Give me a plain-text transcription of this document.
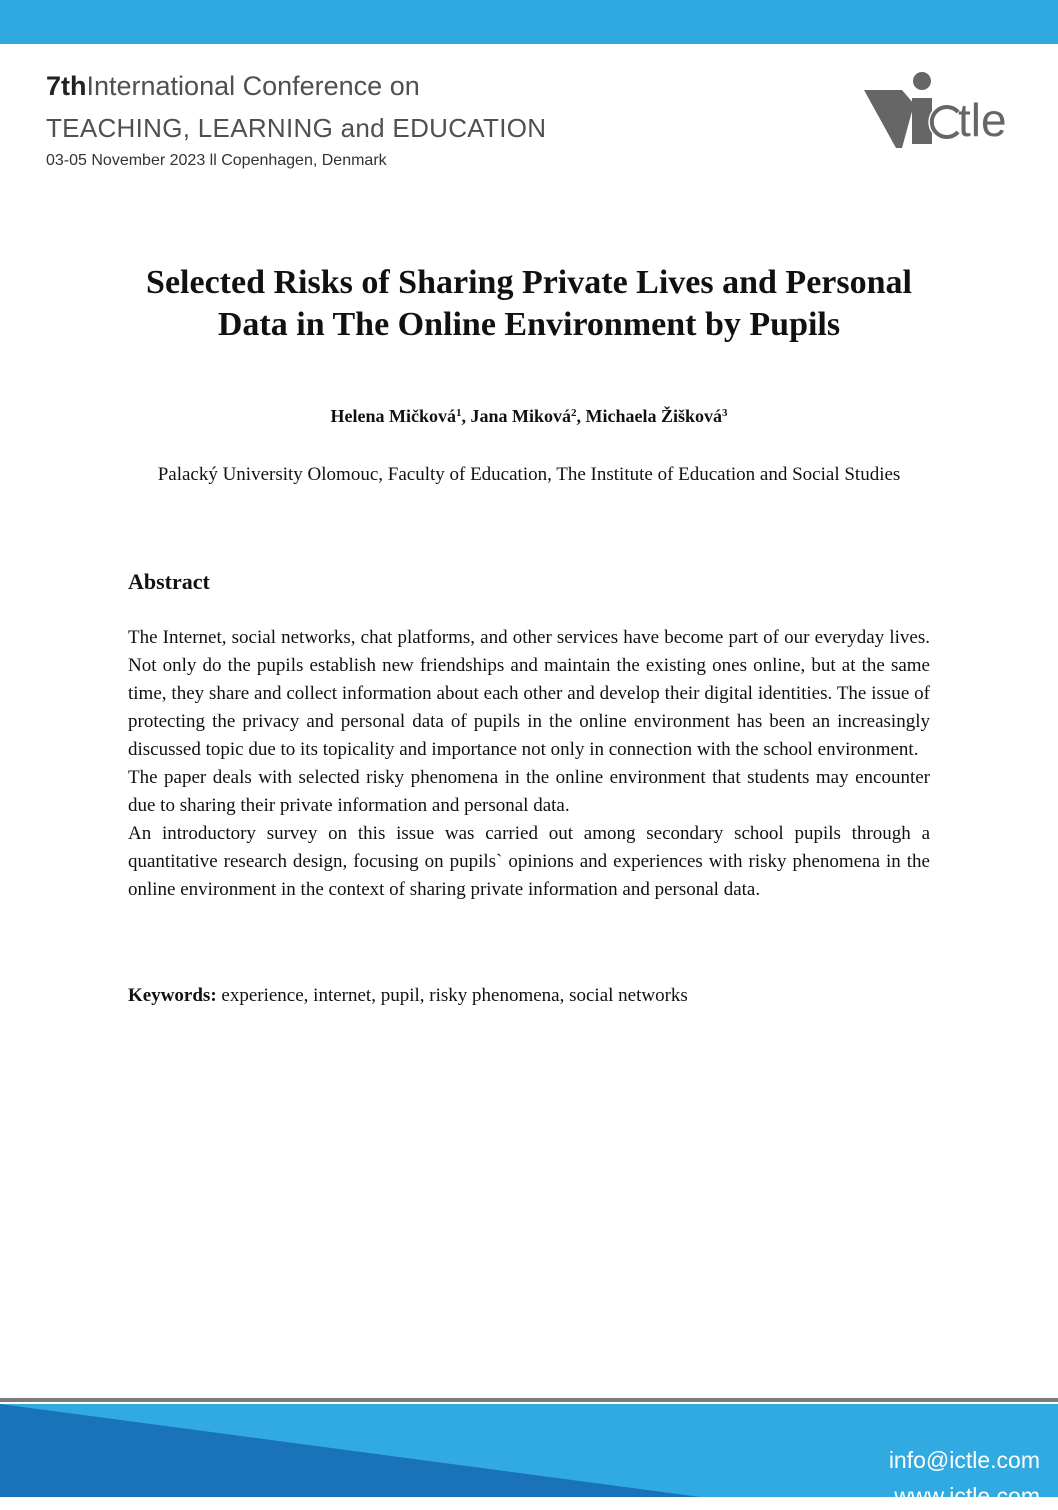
7thInternational Conference on
TEACHING, LEARNING and EDUCATION
03-05 November 2023 ll Copenhagen, Denmark
tle
Selected Risks of Sharing Private Lives and Personal
Data in The Online Environment by Pupils
Helena Mičková$^1$, Jana Miková$^2$, Michaela Žišková$^3$
Palacký University Olomouc, Faculty of Education, The Institute of Education and Social Studies
Abstract

The Internet, social networks, chat platforms, and other services have become part of our everyday lives. Not only do the pupils establish new friendships and maintain the existing ones online, but at the same time, they share and collect information about each other and develop their digital identities. The issue of protecting the privacy and personal data of pupils in the online environment has been an increasingly discussed topic due to its topicality and importance not only in connection with the school environment.

The paper deals with selected risky phenomena in the online environment that students may encounter due to sharing their private information and personal data.

An introductory survey on this issue was carried out among secondary school pupils through a quantitative research design, focusing on pupils` opinions and experiences with risky phenomena in the online environment in the context of sharing private information and personal data.

Keywords: experience, internet, pupil, risky phenomena, social networks
info@ictle.com
www.ictle.com
